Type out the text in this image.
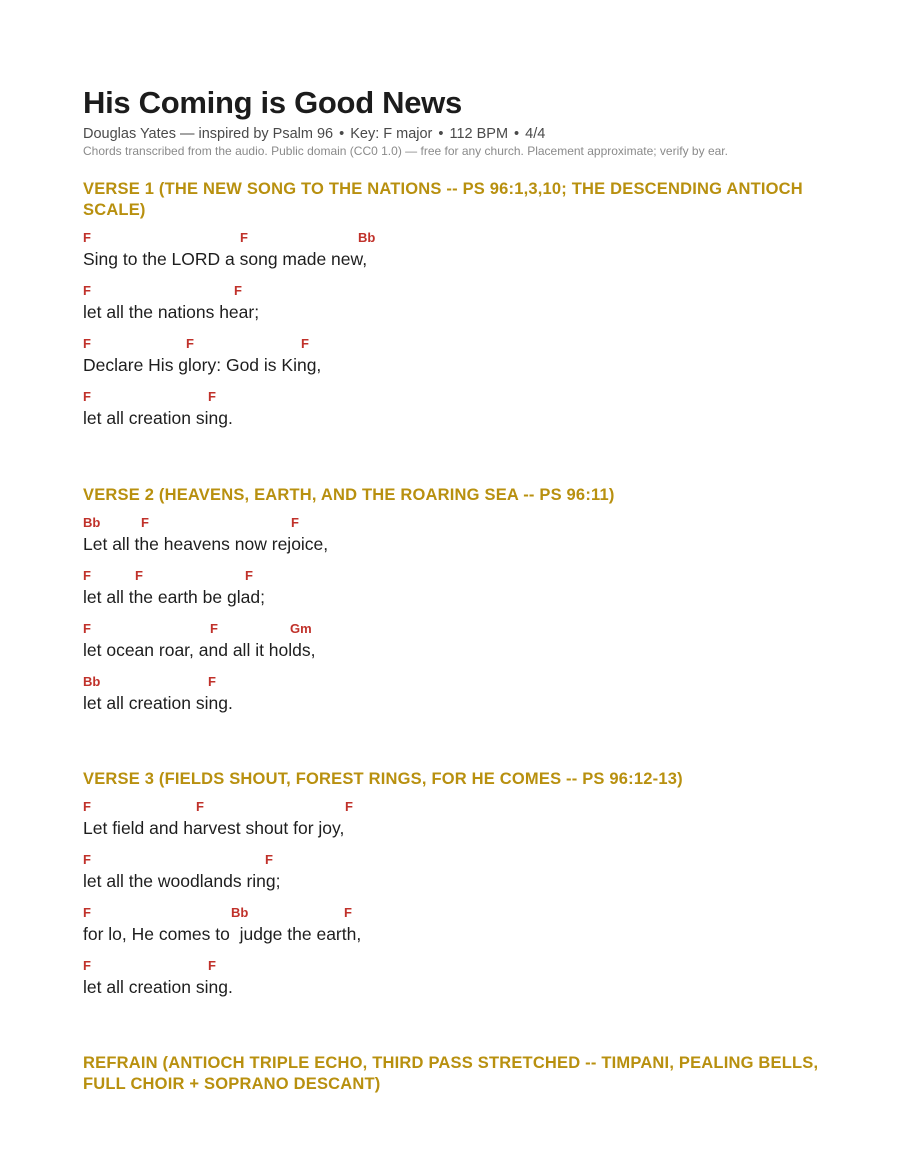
His Coming is Good News
Douglas Yates — inspired by Psalm 96 • Key: F major • 112 BPM • 4/4
Chords transcribed from the audio. Public domain (CC0 1.0) — free for any church. Placement approximate; verify by ear.
VERSE 1 (THE NEW SONG TO THE NATIONS -- PS 96:1,3,10; THE DESCENDING ANTIOCH SCALE)
F	F	Bb
Sing to the LORD a song made new,
F	F
let all the nations hear;
F	F	F
Declare His glory: God is King,
F	F
let all creation sing.
VERSE 2 (HEAVENS, EARTH, AND THE ROARING SEA -- PS 96:11)
Bb	F	F
Let all the heavens now rejoice,
F	F	F
let all the earth be glad;
F	F	Gm
let ocean roar, and all it holds,
Bb	F
let all creation sing.
VERSE 3 (FIELDS SHOUT, FOREST RINGS, FOR HE COMES -- PS 96:12-13)
F	F	F
Let field and harvest shout for joy,
F	F
let all the woodlands ring;
F	Bb	F
for lo, He comes to  judge the earth,
F	F
let all creation sing.
REFRAIN (ANTIOCH TRIPLE ECHO, THIRD PASS STRETCHED -- TIMPANI, PEALING BELLS, FULL CHOIR + SOPRANO DESCANT)
